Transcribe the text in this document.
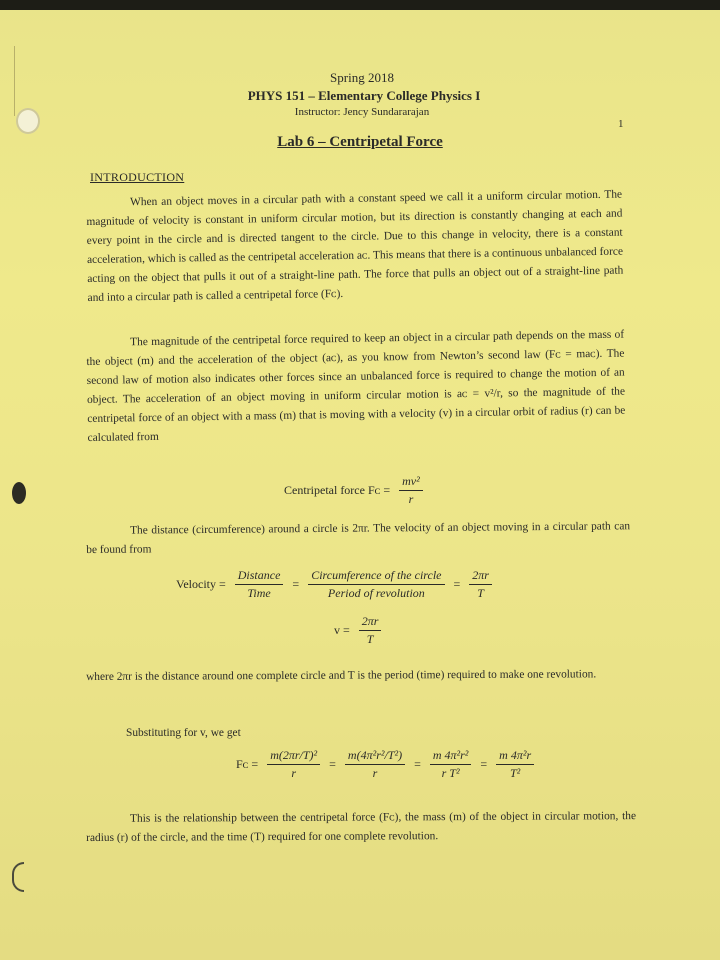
Spring 2018
PHYS 151 – Elementary College Physics I
Instructor: Jency Sundararajan
1
Lab 6 – Centripetal Force
INTRODUCTION
When an object moves in a circular path with a constant speed we call it a uniform circular motion. The magnitude of velocity is constant in uniform circular motion, but its direction is constantly changing at each and every point in the circle and is directed tangent to the circle. Due to this change in velocity, there is a constant acceleration, which is called as the centripetal acceleration aᴄ. This means that there is a continuous unbalanced force acting on the object that pulls it out of a straight-line path. The force that pulls an object out of a straight-line path and into a circular path is called a centripetal force (Fᴄ).
The magnitude of the centripetal force required to keep an object in a circular path depends on the mass of the object (m) and the acceleration of the object (aᴄ), as you know from Newton’s second law (Fᴄ = maᴄ). The second law of motion also indicates other forces since an unbalanced force is required to change the motion of an object. The acceleration of an object moving in uniform circular motion is aᴄ = v²/r, so the magnitude of the centripetal force of an object with a mass (m) that is moving with a velocity (v) in a circular orbit of radius (r) can be calculated from
Centripetal force Fᴄ = $\frac{\text{mv²}}{r}$
The distance (circumference) around a circle is 2πr. The velocity of an object moving in a circular path can be found from
Velocity = $\frac{\text{Distance}}{\text{Time}} = \frac{\text{Circumference of the circle}}{\text{Period of revolution}} = \frac{2\pi r}{T}$
$v = \frac{2\pi r}{T}$
where 2πr is the distance around one complete circle and T is the period (time) required to make one revolution.
Substituting for v, we get
Fᴄ = $\frac{\text{m(2πr/T)²}}{r} = \frac{\text{m(4π²r²/T²)}}{r} = \frac{\text{m 4π²r²}}{\text{r T²}} = \frac{\text{m 4π²r}}{\text{T²}}$
This is the relationship between the centripetal force (Fᴄ), the mass (m) of the object in circular motion, the radius (r) of the circle, and the time (T) required for one complete revolution.
